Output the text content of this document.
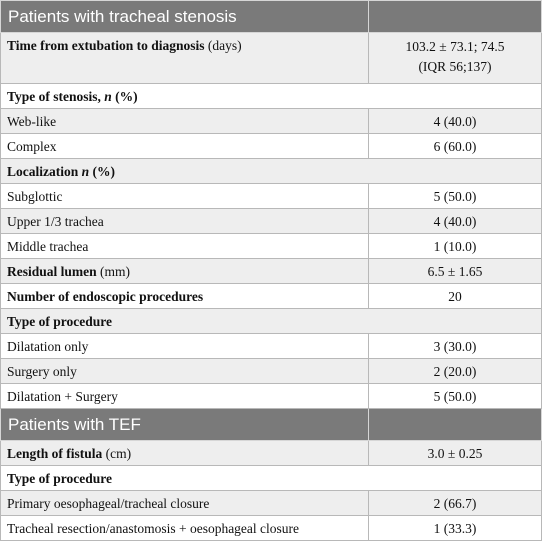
Patients with tracheal stenosis	
Time from extubation to diagnosis (days)	103.2 ± 73.1; 74.5
(IQR 56;137)
Type of stenosis, n (%)	
Web-like	4 (40.0)
Complex	6 (60.0)
Localization n (%)	
Subglottic	5 (50.0)
Upper 1/3 trachea	4 (40.0)
Middle trachea	1 (10.0)
Residual lumen (mm)	6.5 ± 1.65
Number of endoscopic procedures	20
Type of procedure	
Dilatation only	3 (30.0)
Surgery only	2 (20.0)
Dilatation + Surgery	5 (50.0)
Patients with TEF	
Length of fistula (cm)	3.0 ± 0.25
Type of procedure	
Primary oesophageal/tracheal closure	2 (66.7)
Tracheal resection/anastomosis + oesophageal closure	1 (33.3)
